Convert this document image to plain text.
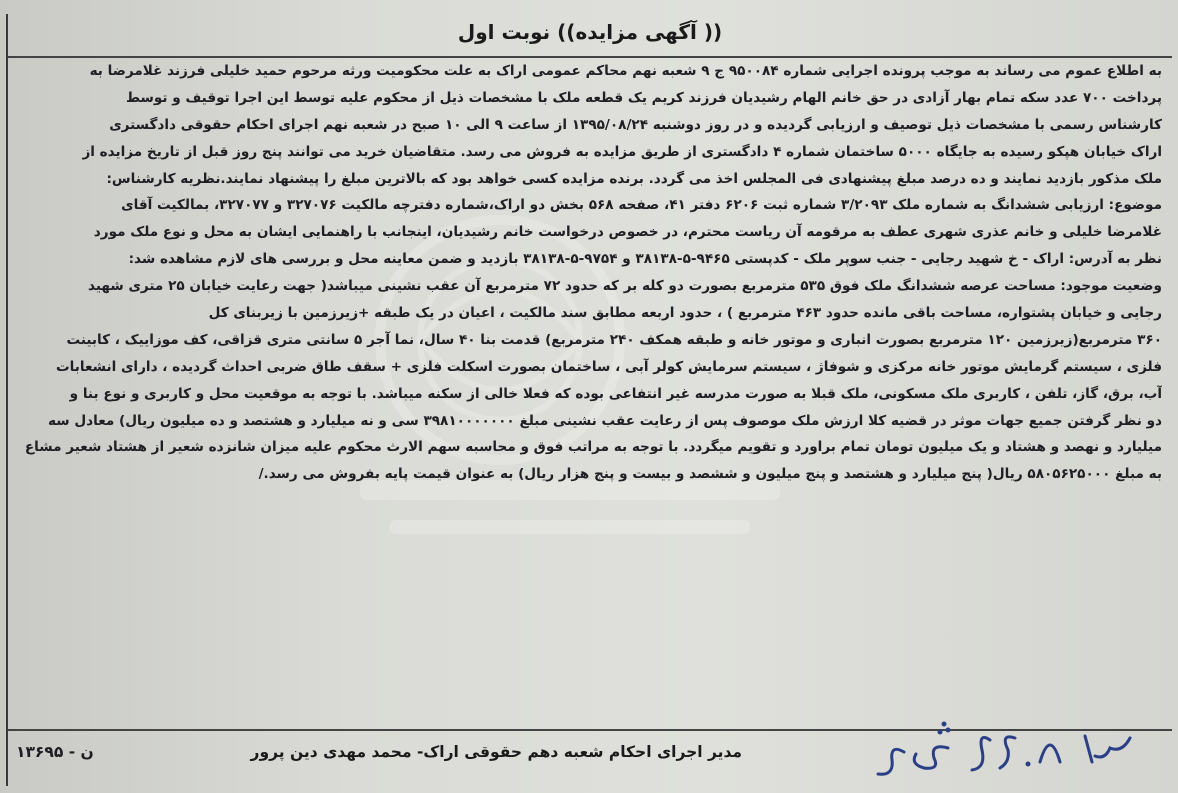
(( آگهی مزایده)) نوبت اول
به اطلاع عموم می رساند به موجب پرونده اجرایی شماره ۹۵۰۰۸۴ ج ۹ شعبه نهم محاکم عمومی اراک به علت محکومیت ورثه مرحوم حمید خلیلی فرزند غلامرضا به
پرداخت ۷۰۰ عدد سکه تمام بهار آزادی در حق خانم الهام رشیدیان فرزند کریم یک قطعه ملک با مشخصات ذیل از محکوم علیه توسط این اجرا توقیف و توسط
کارشناس رسمی با مشخصات ذیل توصیف و ارزیابی گردیده و در روز دوشنبه ۱۳۹۵/۰۸/۲۴ از ساعت ۹ الی ۱۰ صبح در شعبه نهم اجرای احکام حقوقی دادگستری
اراک خیابان هپکو رسیده به جایگاه ۵۰۰۰ ساختمان شماره ۴ دادگستری از طریق مزایده به فروش می رسد. متقاضیان خرید می توانند پنج روز قبل از تاریخ مزایده از
ملک مذکور بازدید نمایند و ده درصد مبلغ پیشنهادی فی المجلس اخذ می گردد. برنده مزایده کسی خواهد بود که بالاترین مبلغ را پیشنهاد نمایند.نظریه کارشناس:
موضوع: ارزیابی ششدانگ به شماره ملک ۳/۲۰۹۳ شماره ثبت ۶۲۰۶ دفتر ۴۱، صفحه ۵۶۸ بخش دو اراک،شماره دفترچه مالکیت ۳۲۷۰۷۶ و ۳۲۷۰۷۷، بمالکیت آقای
غلامرضا خلیلی و خانم عذری شهری عطف به مرقومه آن ریاست محترم، در خصوص درخواست خانم رشیدیان، اینجانب با راهنمایی ایشان به محل و نوع ملک مورد
نظر به آدرس: اراک - خ شهید رجایی - جنب سوپر ملک - کدپستی ۹۴۶۵-۵-۳۸۱۳۸ و ۹۷۵۴-۵-۳۸۱۳۸ بازدید و ضمن معاینه محل و بررسی های لازم مشاهده شد:
وضعیت موجود: مساحت عرصه ششدانگ ملک فوق ۵۳۵ مترمربع بصورت دو کله بر که حدود ۷۲ مترمربع آن عقب نشینی میباشد( جهت رعایت خیابان ۲۵ متری شهید
رجایی و خیابان پشتواره، مساحت باقی مانده حدود ۴۶۳ مترمربع ) ، حدود اربعه مطابق سند مالکیت ، اعیان در یک طبقه +زیرزمین با زیربنای کل
۳۶۰ مترمربع(زیرزمین ۱۲۰ مترمربع بصورت انباری و موتور خانه و طبقه همکف ۲۴۰ مترمربع) قدمت بنا ۴۰ سال، نما آجر ۵ سانتی متری قزاقی، کف موزاییک ، کابینت
فلزی ، سیستم گرمایش موتور خانه مرکزی و شوفاژ ، سیستم سرمایش کولر آبی ، ساختمان بصورت اسکلت فلزی + سقف طاق ضربی احداث گردیده ، دارای انشعابات
آب، برق، گاز، تلفن ، کاربری ملک مسکونی، ملک قبلا به صورت مدرسه غیر انتفاعی بوده که فعلا خالی از سکنه میباشد. با توجه به موقعیت محل و کاربری و نوع بنا و
دو نظر گرفتن جمیع جهات موثر در قضیه کلا ارزش ملک موصوف پس از رعایت عقب نشینی مبلغ ۳۹۸۱۰۰۰۰۰۰۰ سی و نه میلیارد و هشتصد و ده میلیون ریال) معادل سه
میلیارد و نهصد و هشتاد و یک میلیون تومان تمام براورد و تقویم میگردد. با توجه به مراتب فوق و محاسبه سهم الارث محکوم علیه میزان شانزده شعیر از هشتاد شعیر مشاع
به مبلغ ۵۸۰۵۶۲۵۰۰۰ ریال( پنج میلیارد و هشتصد و پنج میلیون و ششصد و بیست و پنج هزار ریال) به عنوان قیمت پایه بفروش می رسد./
مدیر اجرای احکام شعبه دهم حقوقی اراک- محمد مهدی دین پرور
۱۳۶۹۵ - ن
